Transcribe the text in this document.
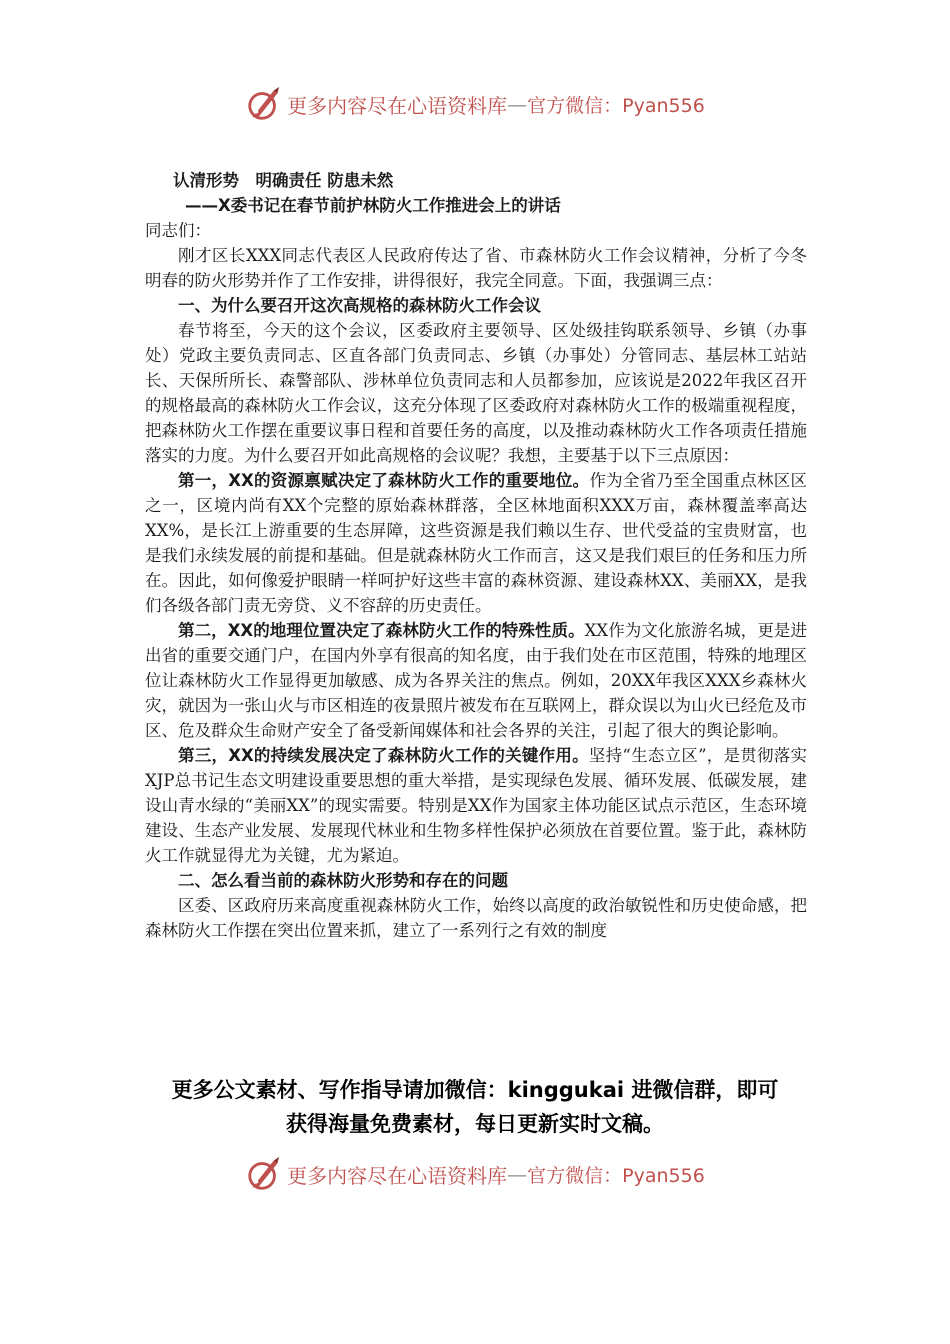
更多内容尽在心语资料库 — 官方微信：Pyan556

认清形势　明确责任 防患未然

——X委书记在春节前护林防火工作推进会上的讲话

同志们：

刚才区长XXX同志代表区人民政府传达了省、市森林防火工作会议精神，分析了今冬明春的防火形势并作了工作安排，讲得很好，我完全同意。下面，我强调三点：

一、为什么要召开这次高规格的森林防火工作会议

春节将至，今天的这个会议，区委政府主要领导、区处级挂钩联系领导、乡镇（办事处）党政主要负责同志、区直各部门负责同志、乡镇（办事处）分管同志、基层林工站站长、天保所所长、森警部队、涉林单位负责同志和人员都参加，应该说是2022年我区召开的规格最高的森林防火工作会议，这充分体现了区委政府对森林防火工作的极端重视程度，把森林防火工作摆在重要议事日程和首要任务的高度，以及推动森林防火工作各项责任措施落实的力度。为什么要召开如此高规格的会议呢？我想，主要基于以下三点原因：

第一，XX的资源禀赋决定了森林防火工作的重要地位。作为全省乃至全国重点林区区之一，区境内尚有XX个完整的原始森林群落，全区林地面积XXX万亩，森林覆盖率高达XX%，是长江上游重要的生态屏障，这些资源是我们赖以生存、世代受益的宝贵财富，也是我们永续发展的前提和基础。但是就森林防火工作而言，这又是我们艰巨的任务和压力所在。因此，如何像爱护眼睛一样呵护好这些丰富的森林资源、建设森林XX、美丽XX，是我们各级各部门责无旁贷、义不容辞的历史责任。

第二，XX的地理位置决定了森林防火工作的特殊性质。XX作为文化旅游名城，更是进出省的重要交通门户，在国内外享有很高的知名度，由于我们处在市区范围，特殊的地理区位让森林防火工作显得更加敏感、成为各界关注的焦点。例如，20XX年我区XXX乡森林火灾，就因为一张山火与市区相连的夜景照片被发布在互联网上，群众误以为山火已经危及市区、危及群众生命财产安全了备受新闻媒体和社会各界的关注，引起了很大的舆论影响。

第三，XX的持续发展决定了森林防火工作的关键作用。坚持“生态立区”，是贯彻落实XJP总书记生态文明建设重要思想的重大举措，是实现绿色发展、循环发展、低碳发展，建设山青水绿的“美丽XX”的现实需要。特别是XX作为国家主体功能区试点示范区，生态环境建设、生态产业发展、发展现代林业和生物多样性保护必须放在首要位置。鉴于此，森林防火工作就显得尤为关键，尤为紧迫。

二、怎么看当前的森林防火形势和存在的问题

区委、区政府历来高度重视森林防火工作，始终以高度的政治敏锐性和历史使命感，把森林防火工作摆在突出位置来抓，建立了一系列行之有效的制度

更多公文素材、写作指导请加微信：kinggukai 进微信群，即可
获得海量免费素材，每日更新实时文稿。
更多内容尽在心语资料库 — 官方微信：Pyan556
